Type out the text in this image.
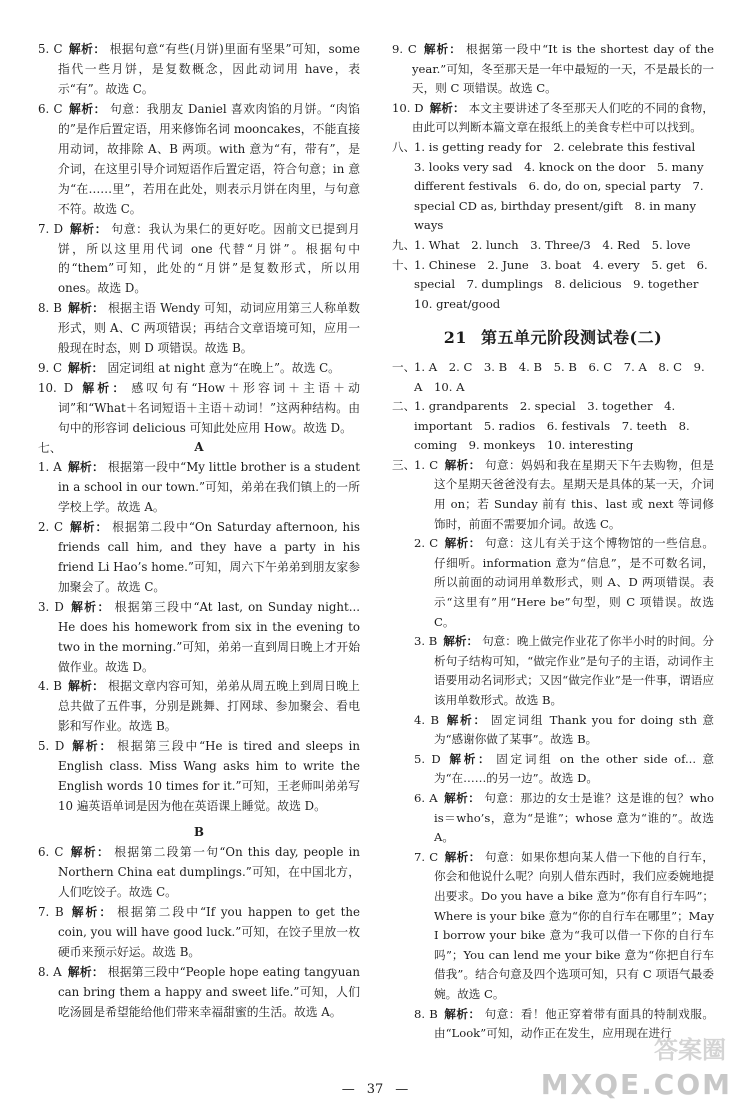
5. C 解析： 根据句意“有些(月饼)里面有坚果”可知，some 指代一些月饼，是复数概念，因此动词用 have，表示“有”。故选 C。
6. C 解析： 句意：我朋友 Daniel 喜欢肉馅的月饼。“肉馅的”是作后置定语，用来修饰名词 mooncakes，不能直接用动词，故排除 A、B 两项。with 意为“有，带有”，是介词，在这里引导介词短语作后置定语，符合句意；in 意为“在……里”，若用在此处，则表示月饼在肉里，与句意不符。故选 C。
7. D 解析： 句意：我认为果仁的更好吃。因前文已提到月饼，所以这里用代词 one 代替“月饼”。根据句中的“them”可知，此处的“月饼”是复数形式，所以用 ones。故选 D。
8. B 解析： 根据主语 Wendy 可知，动词应用第三人称单数形式，则 A、C 两项错误；再结合文章语境可知，应用一般现在时态，则 D 项错误。故选 B。
9. C 解析： 固定词组 at night 意为“在晚上”。故选 C。
10. D 解析： 感叹句有“How＋形容词＋主语＋动词”和“What＋名词短语＋主语＋动词！”这两种结构。由句中的形容词 delicious 可知此处应用 How。故选 D。
七、	A
1. A 解析： 根据第一段中“My little brother is a student in a school in our town.”可知，弟弟在我们镇上的一所学校上学。故选 A。
2. C 解析： 根据第二段中“On Saturday afternoon, his friends call him, and they have a party in his friend Li Hao’s home.”可知，周六下午弟弟到朋友家参加聚会了。故选 C。
3. D 解析： 根据第三段中“At last, on Sunday night... He does his homework from six in the evening to two in the morning.”可知，弟弟一直到周日晚上才开始做作业。故选 D。
4. B 解析： 根据文章内容可知，弟弟从周五晚上到周日晚上总共做了五件事，分别是跳舞、打网球、参加聚会、看电影和写作业。故选 B。
5. D 解析： 根据第三段中“He is tired and sleeps in English class. Miss Wang asks him to write the English words 10 times for it.”可知，王老师叫弟弟写 10 遍英语单词是因为他在英语课上睡觉。故选 D。
B
6. C 解析： 根据第二段第一句“On this day, people in Northern China eat dumplings.”可知，在中国北方，人们吃饺子。故选 C。
7. B 解析： 根据第二段中“If you happen to get the coin, you will have good luck.”可知，在饺子里放一枚硬币来预示好运。故选 B。
8. A 解析： 根据第三段中“People hope eating tangyuan can bring them a happy and sweet life.”可知，人们吃汤圆是希望能给他们带来幸福甜蜜的生活。故选 A。
9. C 解析： 根据第一段中“It is the shortest day of the year.”可知，冬至那天是一年中最短的一天，不是最长的一天，则 C 项错误。故选 C。
10. D 解析： 本文主要讲述了冬至那天人们吃的不同的食物，由此可以判断本篇文章在报纸上的美食专栏中可以找到。
八、
1. is getting ready for　2. celebrate this festival　3. looks very sad　4. knock on the door　5. many different festivals　6. do, do on, special party　7. special CD as, birthday present/gift　8. in many ways
九、
1. What　2. lunch　3. Three/3　4. Red　5. love
十、
1. Chinese　2. June　3. boat　4. every　5. get　6. special　7. dumplings　8. delicious　9. together　10. great/good
21 第五单元阶段测试卷(二)
一、
1. A　2. C　3. B　4. B　5. B　6. C　7. A　8. C　9. A　10. A
二、
1. grandparents　2. special　3. together　4. important　5. radios　6. festivals　7. teeth　8. coming　9. monkeys　10. interesting
三、
1. C 解析： 句意：妈妈和我在星期天下午去购物，但是这个星期天爸爸没有去。星期天是具体的某一天，介词用 on；若 Sunday 前有 this、last 或 next 等词修饰时，前面不需要加介词。故选 C。
2. C 解析： 句意：这儿有关于这个博物馆的一些信息。仔细听。information 意为“信息”，是不可数名词，所以前面的动词用单数形式，则 A、D 两项错误。表示“这里有”用“Here be”句型，则 C 项错误。故选 C。
3. B 解析： 句意：晚上做完作业花了你半小时的时间。分析句子结构可知，“做完作业”是句子的主语，动词作主语要用动名词形式；又因“做完作业”是一件事，谓语应该用单数形式。故选 B。
4. B 解析： 固定词组 Thank you for doing sth 意为“感谢你做了某事”。故选 B。
5. D 解析： 固定词组 on the other side of... 意为“在……的另一边”。故选 D。
6. A 解析： 句意：那边的女士是谁？这是谁的包？who is＝who’s，意为“是谁”；whose 意为“谁的”。故选 A。
7. C 解析： 句意：如果你想向某人借一下他的自行车，你会和他说什么呢？向别人借东西时，我们应委婉地提出要求。Do you have a bike 意为“你有自行车吗”；Where is your bike 意为“你的自行车在哪里”；May I borrow your bike 意为“我可以借一下你的自行车吗”；You can lend me your bike 意为“你把自行车借我”。结合句意及四个选项可知，只有 C 项语气最委婉。故选 C。
8. B 解析： 句意：看！他正穿着带有面具的特制戏服。由“Look”可知，动作正在发生，应用现在进行
— 37 —
答案圈
MXQE.COM
